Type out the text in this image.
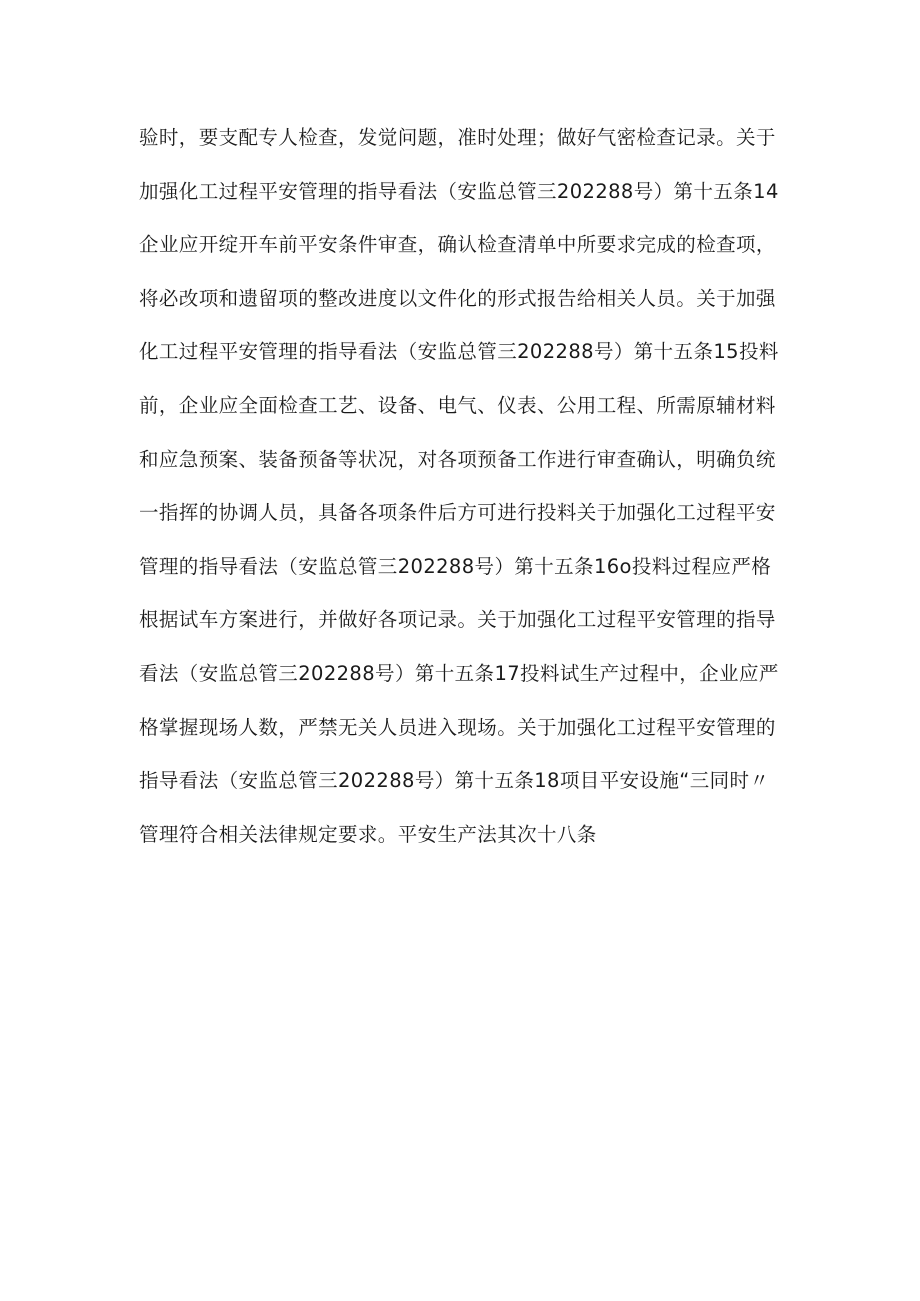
验时，要支配专人检查，发觉问题，准时处理；做好气密检查记录。关于
加强化工过程平安管理的指导看法（安监总管三202288号）第十五条14
企业应开绽开车前平安条件审查，确认检查清单中所要求完成的检查项，
将必改项和遗留项的整改进度以文件化的形式报告给相关人员。关于加强
化工过程平安管理的指导看法（安监总管三202288号）第十五条15投料
前，企业应全面检查工艺、设备、电气、仪表、公用工程、所需原辅材料
和应急预案、装备预备等状况，对各项预备工作进行审查确认，明确负统
一指挥的协调人员，具备各项条件后方可进行投料关于加强化工过程平安
管理的指导看法（安监总管三202288号）第十五条16o投料过程应严格
根据试车方案进行，并做好各项记录。关于加强化工过程平安管理的指导
看法（安监总管三202288号）第十五条17投料试生产过程中，企业应严
格掌握现场人数，严禁无关人员进入现场。关于加强化工过程平安管理的
指导看法（安监总管三202288号）第十五条18项目平安设施“三同时〃
管理符合相关法律规定要求。平安生产法其次十八条
